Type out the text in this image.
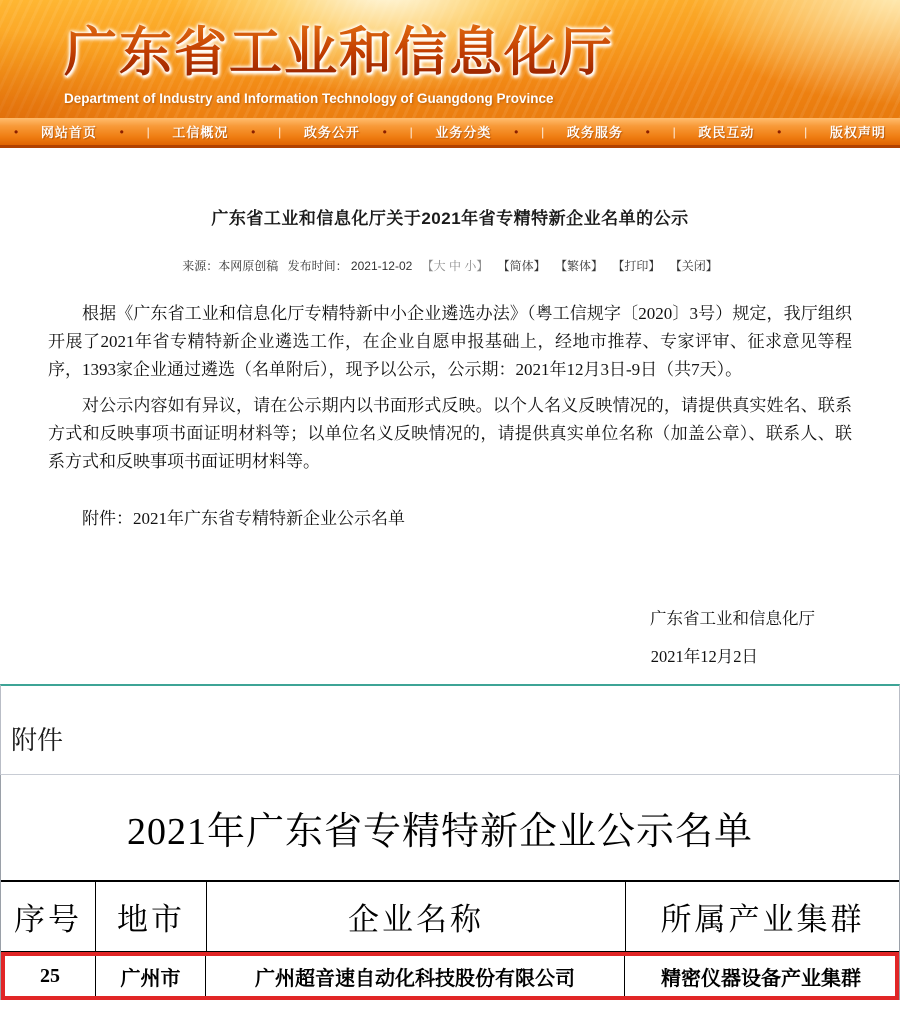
广东省工业和信息化厅
Department of Industry and Information Technology of Guangdong Province
• 网站首页 • | 工信概况 • | 政务公开 • | 业务分类 • | 政务服务 • | 政民互动 • | 版权声明
广东省工业和信息化厅关于2021年省专精特新企业名单的公示
来源：本网原创稿 发布时间： 2021-12-02 【大 中 小】 【简体】 【繁体】 【打印】 【关闭】

根据《广东省工业和信息化厅专精特新中小企业遴选办法》（粤工信规字〔2020〕3号）规定，我厅组织开展了2021年省专精特新企业遴选工作，在企业自愿申报基础上，经地市推荐、专家评审、征求意见等程序，1393家企业通过遴选（名单附后），现予以公示，公示期：2021年12月3日-9日（共7天）。

对公示内容如有异议，请在公示期内以书面形式反映。以个人名义反映情况的，请提供真实姓名、联系方式和反映事项书面证明材料等；以单位名义反映情况的，请提供真实单位名称（加盖公章）、联系人、联系方式和反映事项书面证明材料等。

附件：2021年广东省专精特新企业公示名单
广东省工业和信息化厅
2021年12月2日
附件
2021年广东省专精特新企业公示名单
序号	地市	企业名称	所属产业集群
25	广州市	广州超音速自动化科技股份有限公司	精密仪器设备产业集群
